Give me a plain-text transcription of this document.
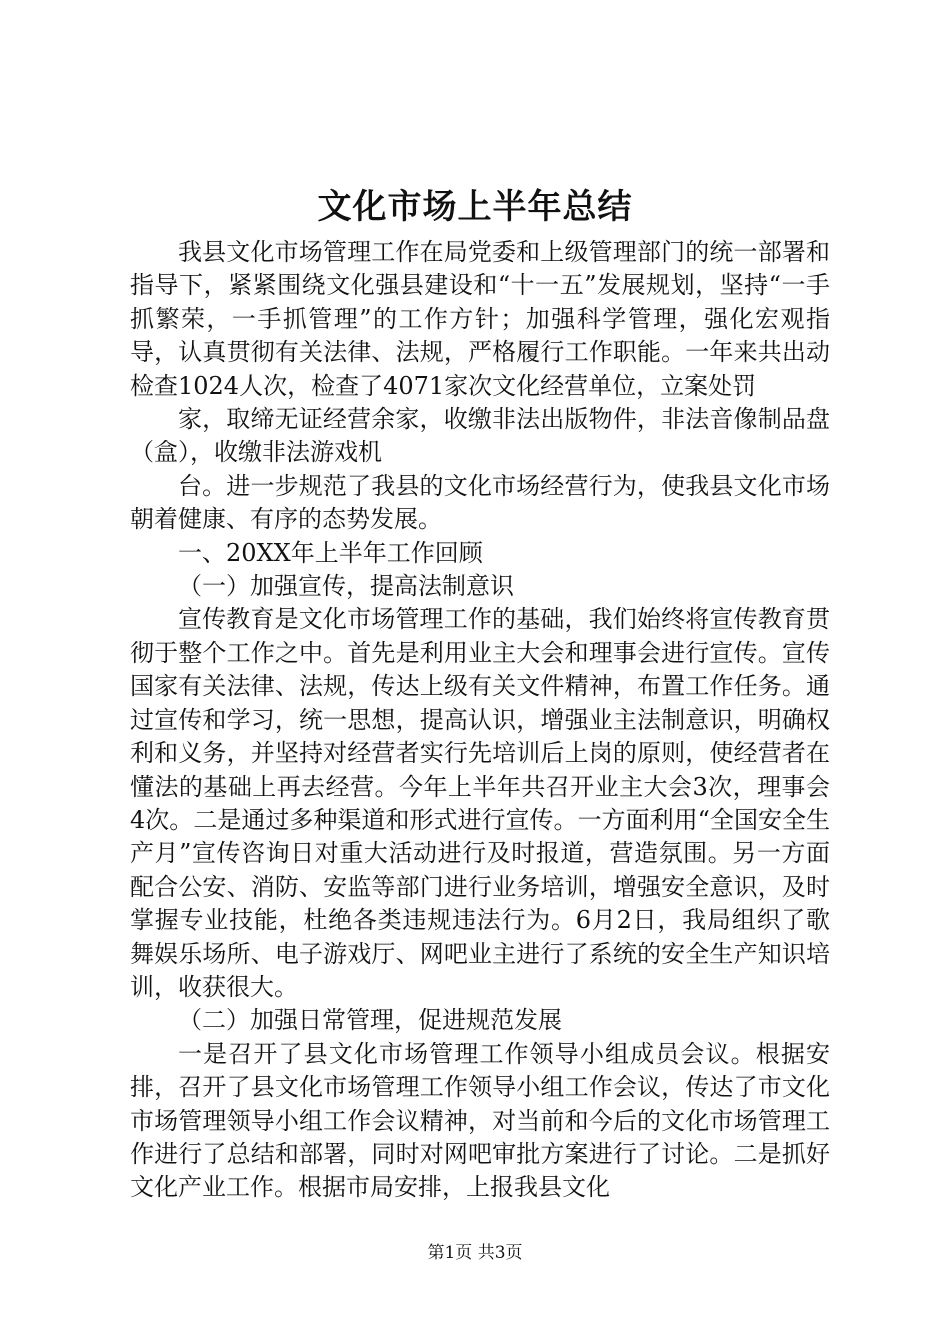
文化市场上半年总结

我县文化市场管理工作在局党委和上级管理部门的统一部署和指导下，紧紧围绕文化强县建设和“十一五”发展规划，坚持“一手抓繁荣，一手抓管理”的工作方针；加强科学管理，强化宏观指导，认真贯彻有关法律、法规，严格履行工作职能。一年来共出动检查1024人次，检查了4071家次文化经营单位，立案处罚

家，取缔无证经营余家，收缴非法出版物件，非法音像制品盘（盒），收缴非法游戏机

台。进一步规范了我县的文化市场经营行为，使我县文化市场朝着健康、有序的态势发展。

一、20XX年上半年工作回顾

（一）加强宣传，提高法制意识

宣传教育是文化市场管理工作的基础，我们始终将宣传教育贯彻于整个工作之中。首先是利用业主大会和理事会进行宣传。宣传国家有关法律、法规，传达上级有关文件精神，布置工作任务。通过宣传和学习，统一思想，提高认识，增强业主法制意识，明确权利和义务，并坚持对经营者实行先培训后上岗的原则，使经营者在懂法的基础上再去经营。今年上半年共召开业主大会3次，理事会4次。二是通过多种渠道和形式进行宣传。一方面利用“全国安全生产月”宣传咨询日对重大活动进行及时报道，营造氛围。另一方面配合公安、消防、安监等部门进行业务培训，增强安全意识，及时掌握专业技能，杜绝各类违规违法行为。6月2日，我局组织了歌舞娱乐场所、电子游戏厅、网吧业主进行了系统的安全生产知识培训，收获很大。

（二）加强日常管理，促进规范发展

一是召开了县文化市场管理工作领导小组成员会议。根据安排，召开了县文化市场管理工作领导小组工作会议，传达了市文化市场管理领导小组工作会议精神，对当前和今后的文化市场管理工作进行了总结和部署，同时对网吧审批方案进行了讨论。二是抓好文化产业工作。根据市局安排，上报我县文化

第1页 共3页
